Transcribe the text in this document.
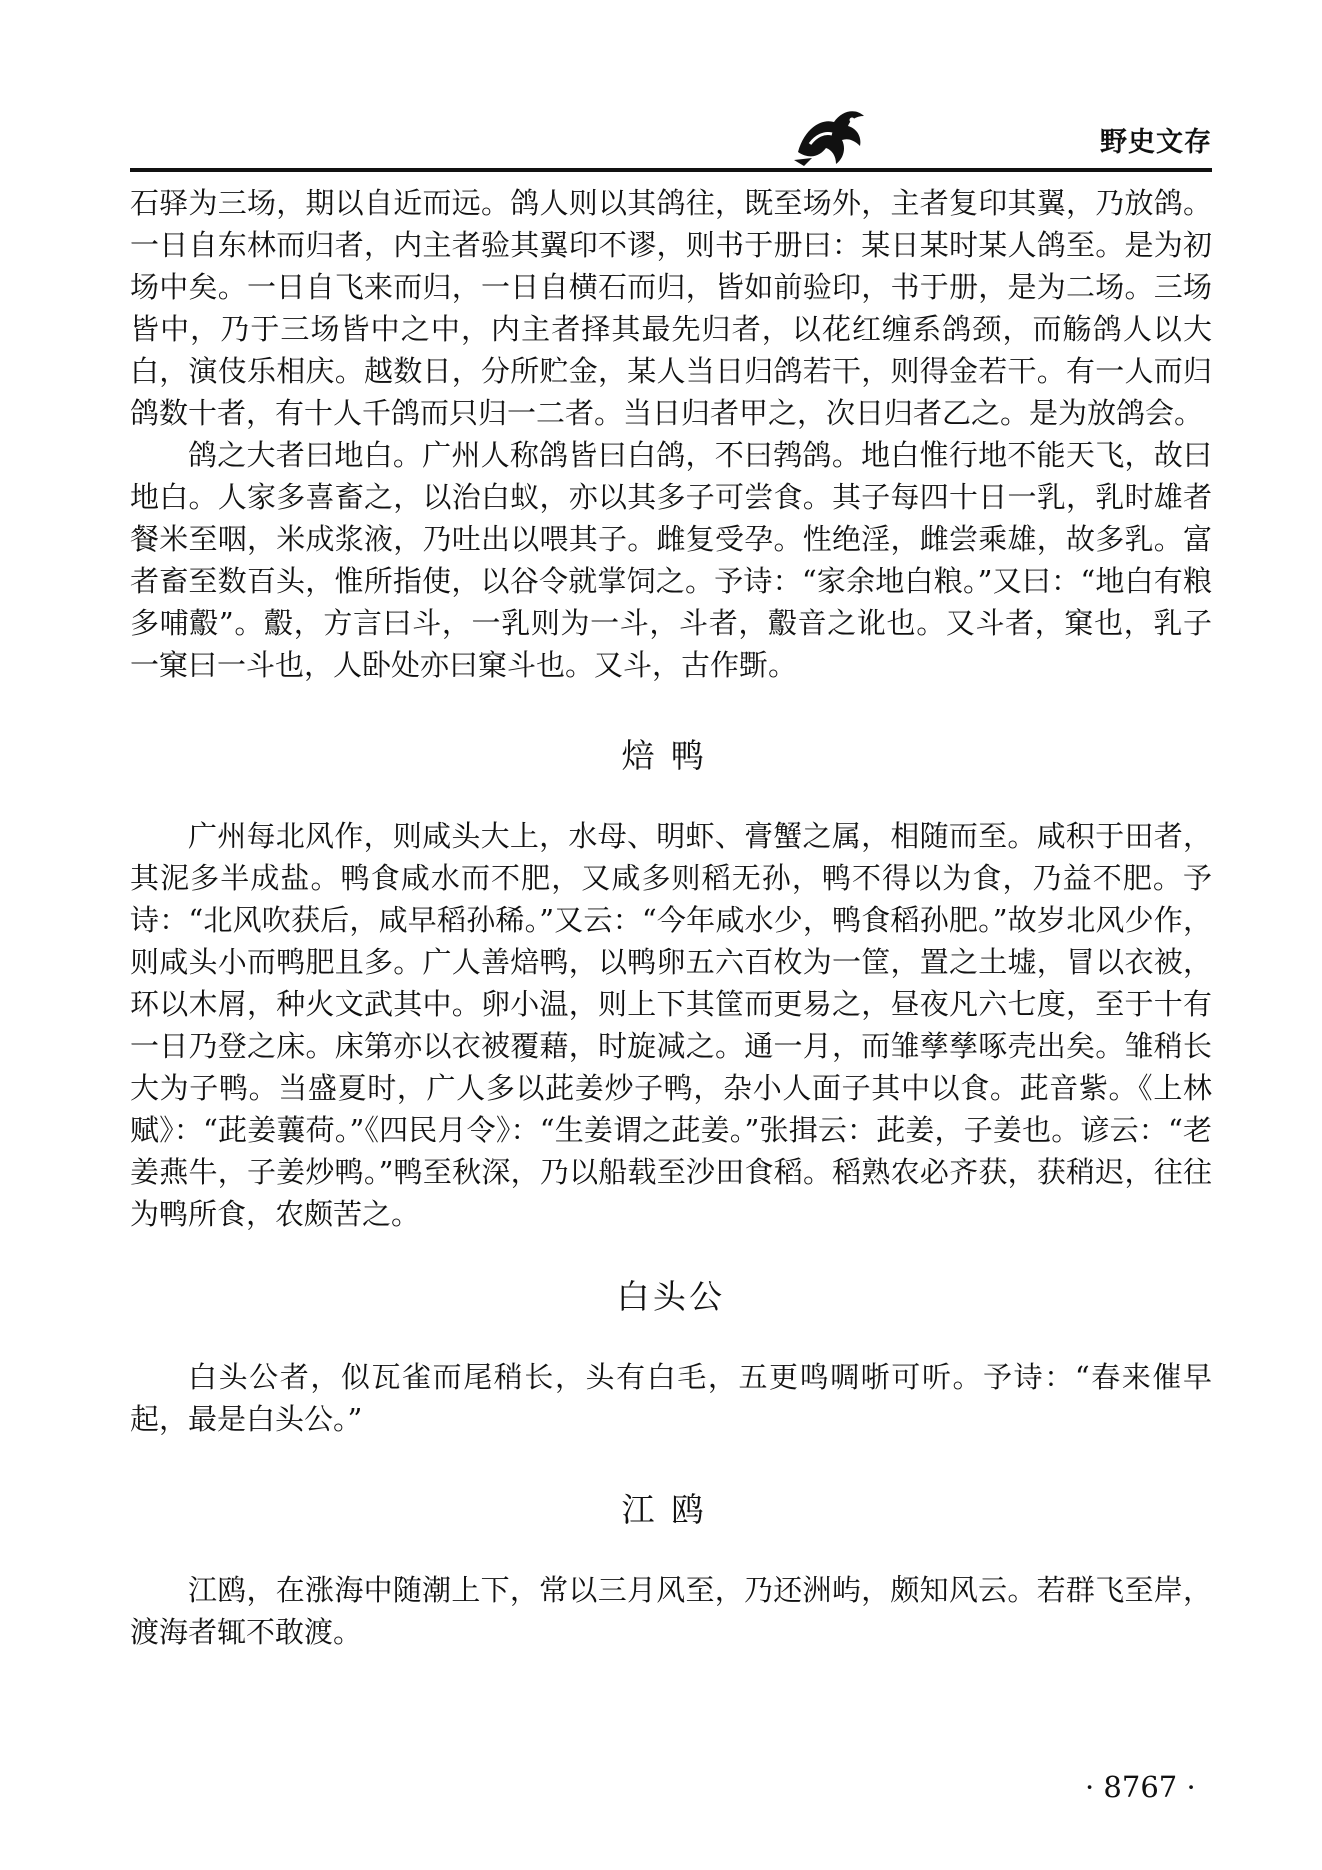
野史文存

石驿为三场，期以自近而远。鸽人则以其鸽往，既至场外，主者复印其翼，乃放鸽。一日自东林而归者，内主者验其翼印不谬，则书于册曰：某日某时某人鸽至。是为初场中矣。一日自飞来而归，一日自横石而归，皆如前验印，书于册，是为二场。三场皆中，乃于三场皆中之中，内主者择其最先归者，以花红缠系鸽颈，而觞鸽人以大白，演伎乐相庆。越数日，分所贮金，某人当日归鸽若干，则得金若干。有一人而归鸽数十者，有十人千鸽而只归一二者。当日归者甲之，次日归者乙之。是为放鸽会。

鸽之大者曰地白。广州人称鸽皆曰白鸽，不曰鹁鸽。地白惟行地不能天飞，故曰地白。人家多喜畜之，以治白蚁，亦以其多子可尝食。其子每四十日一乳，乳时雄者餐米至咽，米成浆液，乃吐出以喂其子。雌复受孕。性绝淫，雌尝乘雄，故多乳。富者畜至数百头，惟所指使，以谷令就掌饲之。予诗：“家余地白粮。”又曰：“地白有粮多哺鷇”。鷇，方言曰斗，一乳则为一斗，斗者，鷇音之讹也。又斗者，窠也，乳子一窠曰一斗也，人卧处亦曰窠斗也。又斗，古作斲。

焙鸭

广州每北风作，则咸头大上，水母、明虾、膏蟹之属，相随而至。咸积于田者，其泥多半成盐。鸭食咸水而不肥，又咸多则稻无孙，鸭不得以为食，乃益不肥。予诗：“北风吹获后，咸早稻孙稀。”又云：“今年咸水少，鸭食稻孙肥。”故岁北风少作，则咸头小而鸭肥且多。广人善焙鸭，以鸭卵五六百枚为一筐，置之土墟，冒以衣被，环以木屑，种火文武其中。卵小温，则上下其筐而更易之，昼夜凡六七度，至于十有一日乃登之床。床第亦以衣被覆藉，时旋减之。通一月，而雏孳孳啄壳出矣。雏稍长大为子鸭。当盛夏时，广人多以茈姜炒子鸭，杂小人面子其中以食。茈音紫。《上林赋》：“茈姜蘘荷。”《四民月令》：“生姜谓之茈姜。”张揖云：茈姜，子姜也。谚云：“老姜燕牛，子姜炒鸭。”鸭至秋深，乃以船载至沙田食稻。稻熟农必齐获，获稍迟，往往为鸭所食，农颇苦之。

白头公

白头公者，似瓦雀而尾稍长，头有白毛，五更鸣啁哳可听。予诗：“春来催早起，最是白头公。”

江鸥

江鸥，在涨海中随潮上下，常以三月风至，乃还洲屿，颇知风云。若群飞至岸，渡海者辄不敢渡。

· 8767 ·
